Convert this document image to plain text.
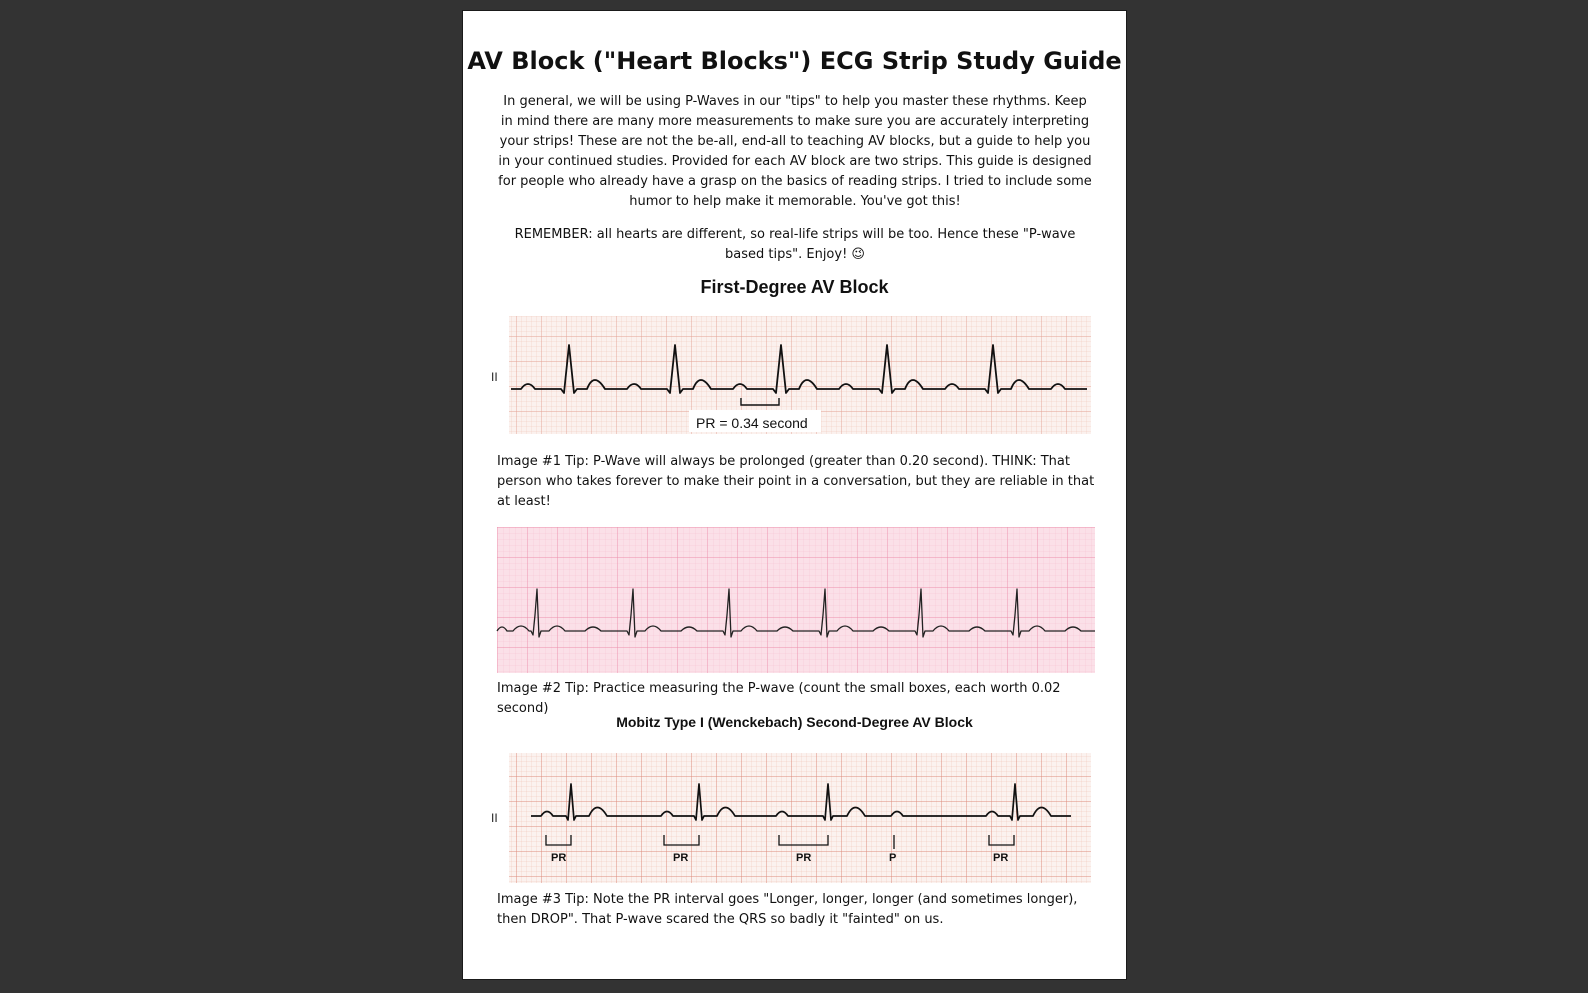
AV Block ("Heart Blocks") ECG Strip Study Guide

In general, we will be using P-Waves in our "tips" to help you master these rhythms. Keep in mind there are many more measurements to make sure you are accurately interpreting your strips! These are not the be-all, end-all to teaching AV blocks, but a guide to help you in your continued studies. Provided for each AV block are two strips. This guide is designed for people who already have a grasp on the basics of reading strips. I tried to include some humor to help make it memorable. You've got this!

REMEMBER: all hearts are different, so real-life strips will be too. Hence these "P-wave based tips". Enjoy! 😉

First-Degree AV Block
II
PR = 0.34 second

Image #1 Tip: P-Wave will always be prolonged (greater than 0.20 second). THINK: That person who takes forever to make their point in a conversation, but they are reliable in that at least!

Image #2 Tip: Practice measuring the P-wave (count the small boxes, each worth 0.02 second)

Mobitz Type I (Wenckebach) Second-Degree AV Block
II
PR	PR	PR	P	PR

Image #3 Tip: Note the PR interval goes "Longer, longer, longer (and sometimes longer), then DROP". That P-wave scared the QRS so badly it "fainted" on us.
